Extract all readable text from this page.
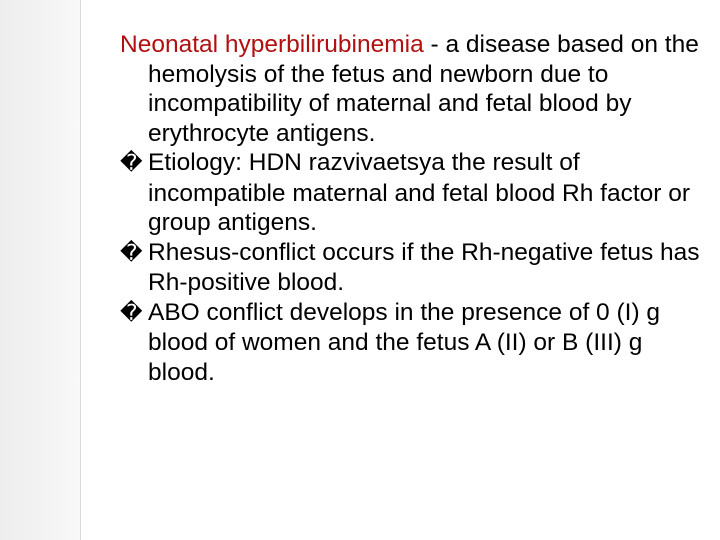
Neonatal hyperbilirubinemia - a disease based on the hemolysis of the fetus and newborn due to incompatibility of maternal and fetal blood by erythrocyte antigens.

� Etiology: HDN razvivaetsya the result of incompatible maternal and fetal blood Rh factor or group antigens.

� Rhesus-conflict occurs if the Rh-negative fetus has Rh-positive blood.

� ABO conflict develops in the presence of 0 (I) g blood of women and the fetus A (II) or B (III) g blood.
